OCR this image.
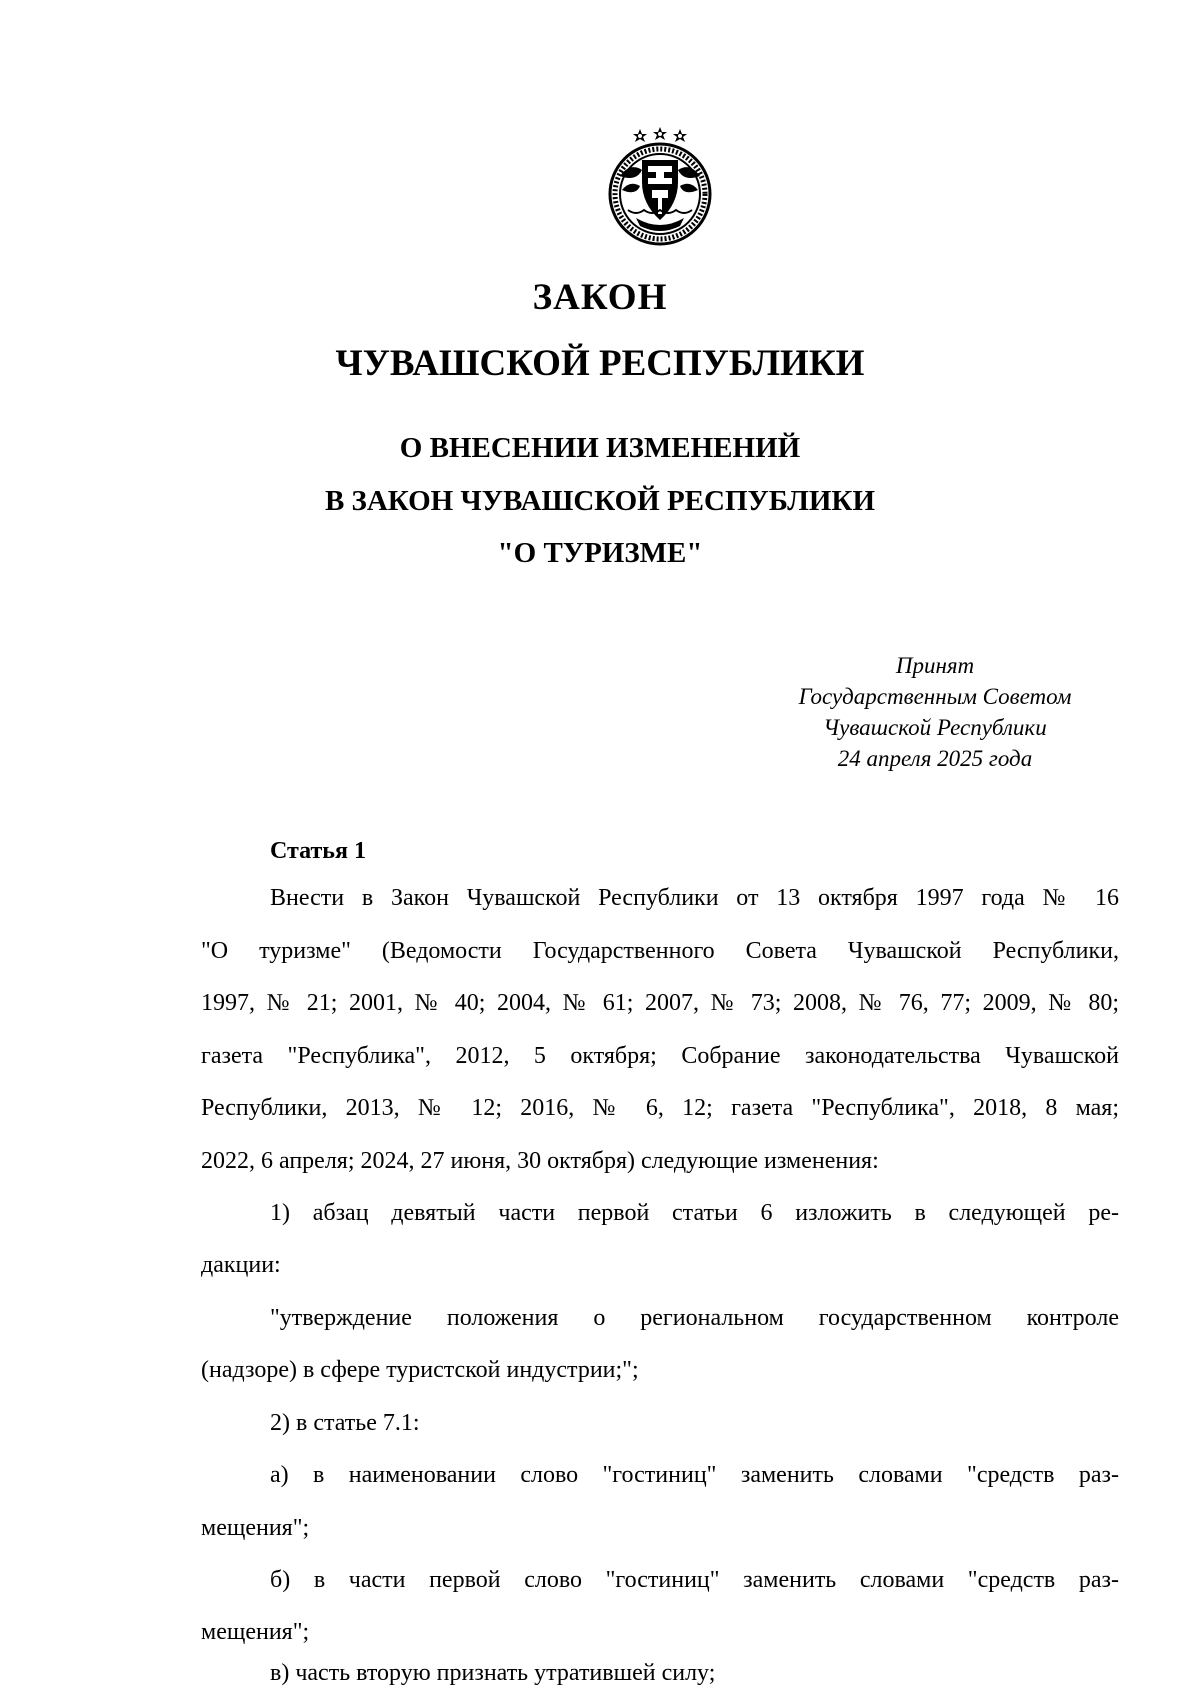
ЗАКОН
ЧУВАШСКОЙ РЕСПУБЛИКИ
О ВНЕСЕНИИ ИЗМЕНЕНИЙ
В ЗАКОН ЧУВАШСКОЙ РЕСПУБЛИКИ
"О ТУРИЗМЕ"
Принят
Государственным Советом
Чувашской Республики
24 апреля 2025 года
Статья 1
Внести в Закон Чувашской Республики от 13 октября 1997 года № 16
"О туризме" (Ведомости Государственного Совета Чувашской Республики,
1997, № 21; 2001, № 40; 2004, № 61; 2007, № 73; 2008, № 76, 77; 2009, № 80;
газета "Республика", 2012, 5 октября; Собрание законодательства Чувашской
Республики, 2013, № 12; 2016, № 6, 12; газета "Республика", 2018, 8 мая;
2022, 6 апреля; 2024, 27 июня, 30 октября) следующие изменения:
1) абзац девятый части первой статьи 6 изложить в следующей ре-
дакции:
"утверждение положения о региональном государственном контроле
(надзоре) в сфере туристской индустрии;";
2) в статье 7.1:
а) в наименовании слово "гостиниц" заменить словами "средств раз-
мещения";
б) в части первой слово "гостиниц" заменить словами "средств раз-
мещения";
в) часть вторую признать утратившей силу;
